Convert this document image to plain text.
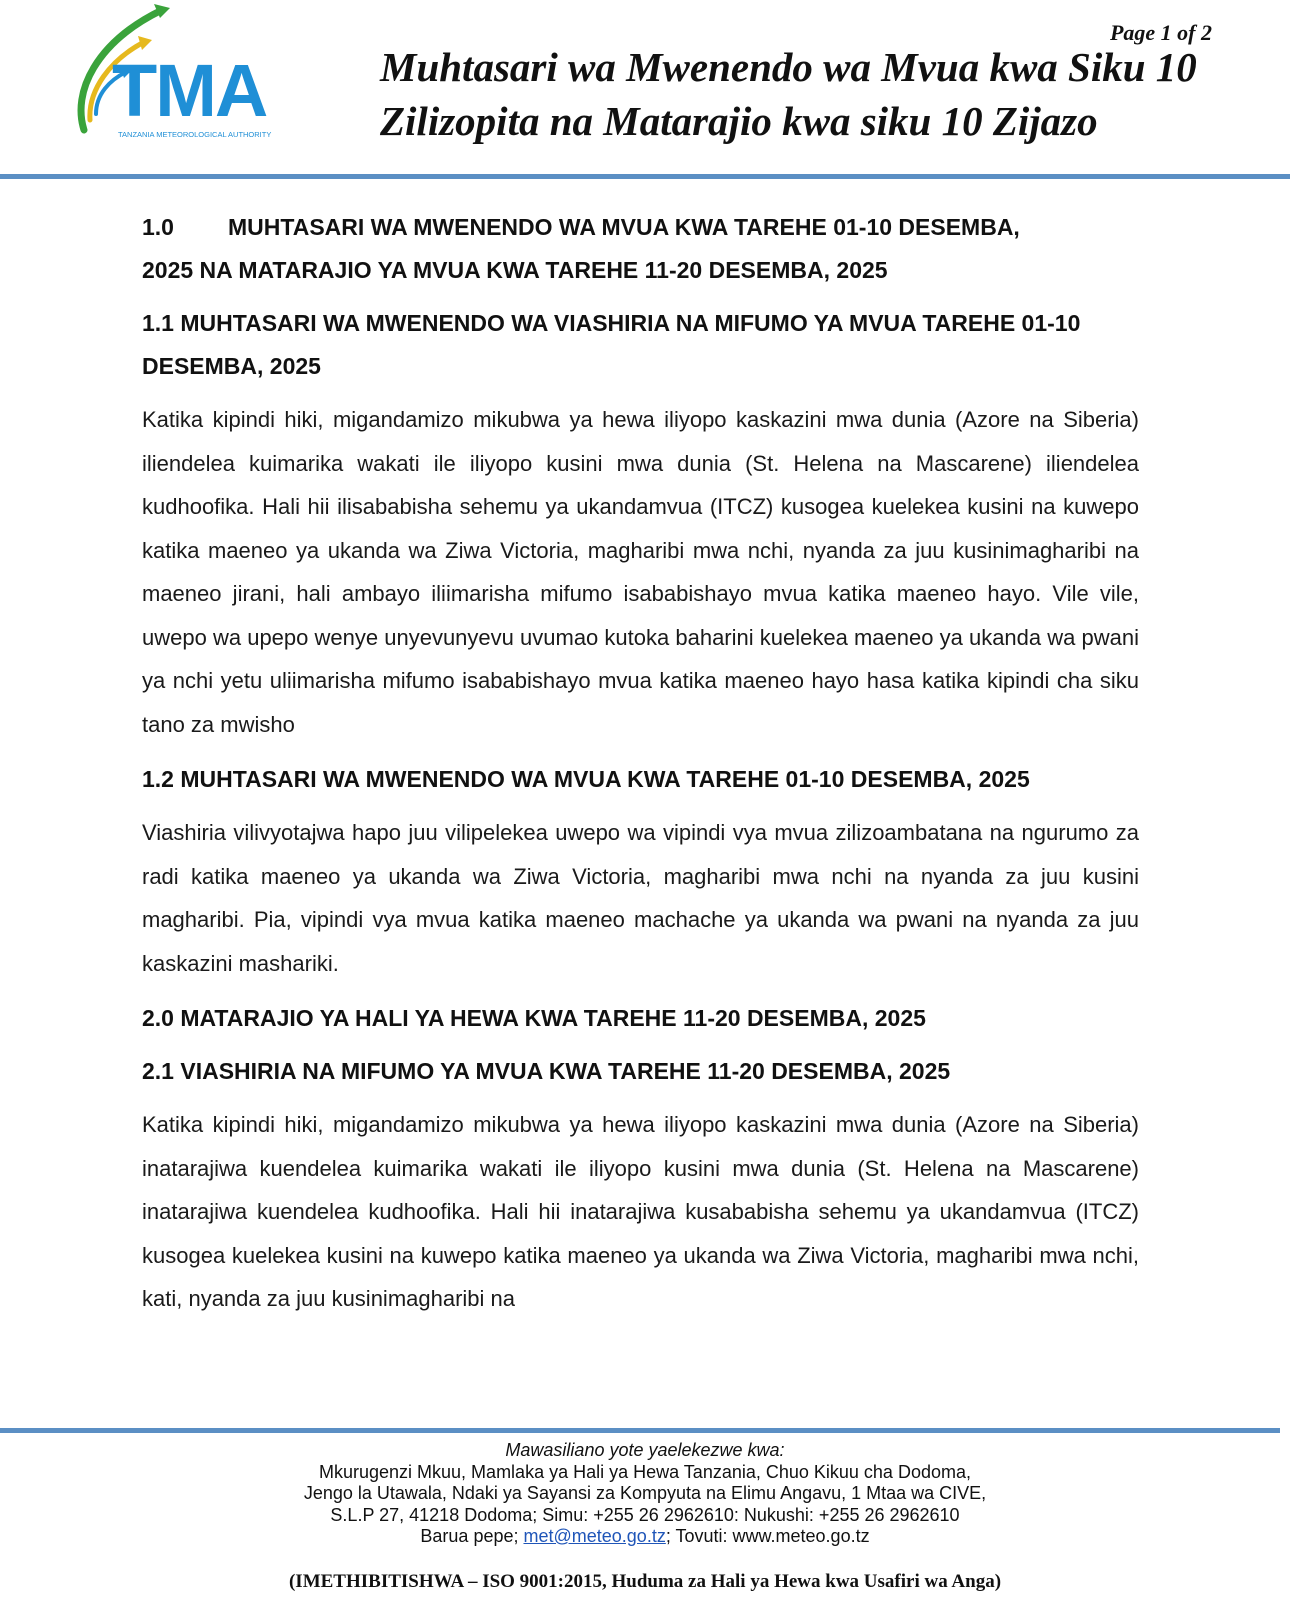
TMA
TANZANIA METEOROLOGICAL AUTHORITY
Page 1 of 2
Muhtasari wa Mwenendo wa Mvua kwa Siku 10
Zilizopita na Matarajio kwa siku 10 Zijazo
1.0	MUHTASARI WA MWENENDO WA MVUA KWA TAREHE 01-10 DESEMBA,
2025 NA MATARAJIO YA MVUA KWA TAREHE 11-20 DESEMBA, 2025
1.1 MUHTASARI WA MWENENDO WA VIASHIRIA NA MIFUMO YA MVUA TAREHE 01-10 DESEMBA, 2025

Katika kipindi hiki, migandamizo mikubwa ya hewa iliyopo kaskazini mwa dunia (Azore na Siberia) iliendelea kuimarika wakati ile iliyopo kusini mwa dunia (St. Helena na Mascarene) iliendelea kudhoofika. Hali hii ilisababisha sehemu ya ukandamvua (ITCZ) kusogea kuelekea kusini na kuwepo katika maeneo ya ukanda wa Ziwa Victoria, magharibi mwa nchi, nyanda za juu kusinimagharibi na maeneo jirani, hali ambayo iliimarisha mifumo isababishayo mvua katika maeneo hayo. Vile vile, uwepo wa upepo wenye unyevunyevu uvumao kutoka baharini kuelekea maeneo ya ukanda wa pwani ya nchi yetu uliimarisha mifumo isababishayo mvua katika maeneo hayo hasa katika kipindi cha siku tano za mwisho

1.2 MUHTASARI WA MWENENDO WA MVUA KWA TAREHE 01-10 DESEMBA, 2025

Viashiria vilivyotajwa hapo juu vilipelekea uwepo wa vipindi vya mvua zilizoambatana na ngurumo za radi katika maeneo ya ukanda wa Ziwa Victoria, magharibi mwa nchi na nyanda za juu kusini magharibi. Pia, vipindi vya mvua katika maeneo machache ya ukanda wa pwani na nyanda za juu kaskazini mashariki.

2.0 MATARAJIO YA HALI YA HEWA KWA TAREHE 11-20 DESEMBA, 2025
2.1 VIASHIRIA NA MIFUMO YA MVUA KWA TAREHE 11-20 DESEMBA, 2025

Katika kipindi hiki, migandamizo mikubwa ya hewa iliyopo kaskazini mwa dunia (Azore na Siberia) inatarajiwa kuendelea kuimarika wakati ile iliyopo kusini mwa dunia (St. Helena na Mascarene) inatarajiwa kuendelea kudhoofika. Hali hii inatarajiwa kusababisha sehemu ya ukandamvua (ITCZ) kusogea kuelekea kusini na kuwepo katika maeneo ya ukanda wa Ziwa Victoria, magharibi mwa nchi, kati, nyanda za juu kusinimagharibi na

Mawasiliano yote yaelekezwe kwa:
Mkurugenzi Mkuu, Mamlaka ya Hali ya Hewa Tanzania, Chuo Kikuu cha Dodoma,
Jengo la Utawala, Ndaki ya Sayansi za Kompyuta na Elimu Angavu, 1 Mtaa wa CIVE,
S.L.P 27, 41218 Dodoma; Simu: +255 26 2962610: Nukushi: +255 26 2962610
Barua pepe; met@meteo.go.tz; Tovuti: www.meteo.go.tz
(IMETHIBITISHWA – ISO 9001:2015, Huduma za Hali ya Hewa kwa Usafiri wa Anga)
